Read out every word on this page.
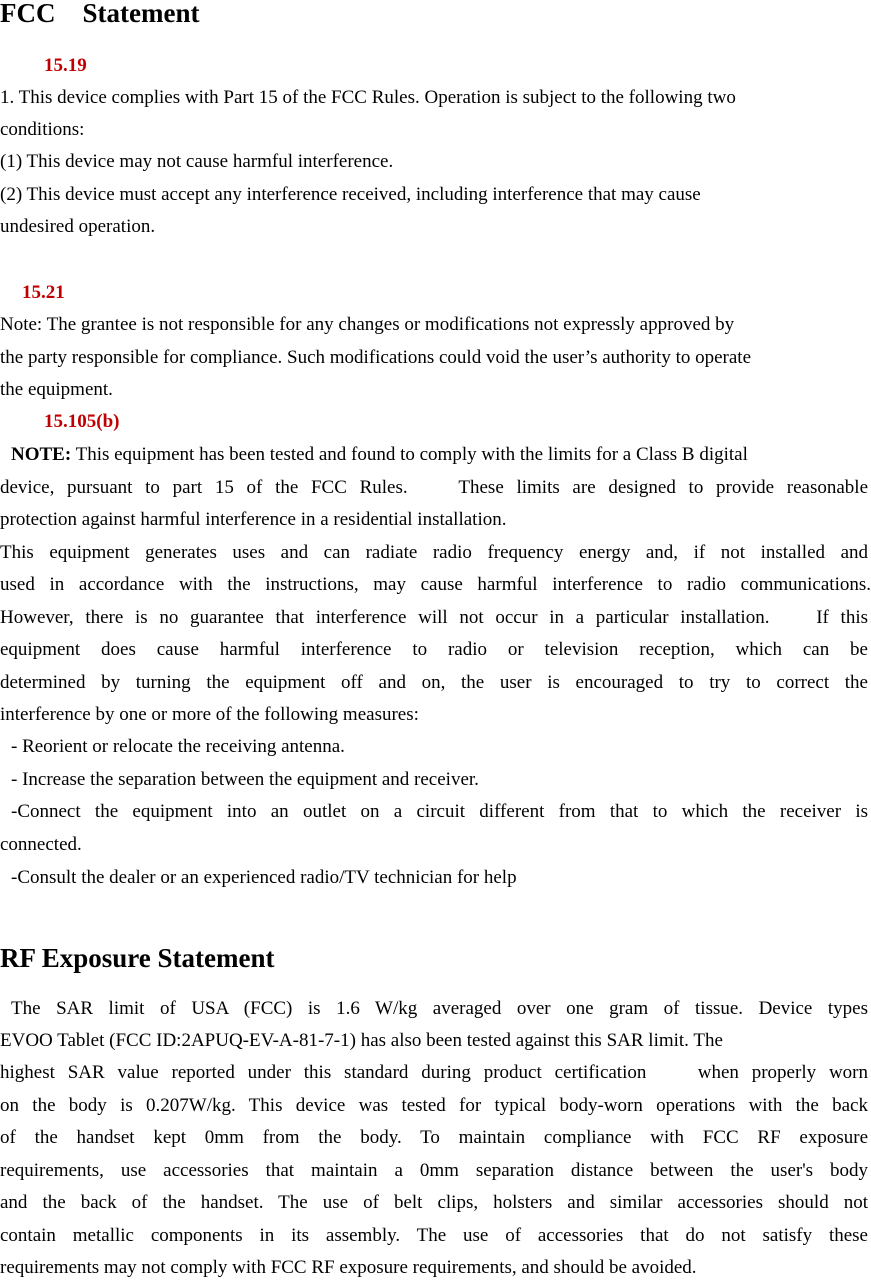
FCC    Statement
15.19
1. This device complies with Part 15 of the FCC Rules. Operation is subject to the following two
conditions:
(1) This device may not cause harmful interference.
(2) This device must accept any interference received, including interference that may cause
undesired operation.
15.21
Note: The grantee is not responsible for any changes or modifications not expressly approved by
the party responsible for compliance. Such modifications could void the user’s authority to operate
the equipment.
15.105(b)
NOTE: This equipment has been tested and found to comply with the limits for a Class B digital
device, pursuant to part 15 of the FCC Rules.    These limits are designed to provide reasonable
protection against harmful interference in a residential installation.
This equipment generates uses and can radiate radio frequency energy and, if not installed and
used in accordance with the instructions, may cause harmful interference to radio communications.
However, there is no guarantee that interference will not occur in a particular installation.    If this
equipment does cause harmful interference to radio or television reception, which can be
determined by turning the equipment off and on, the user is encouraged to try to correct the
interference by one or more of the following measures:
- Reorient or relocate the receiving antenna.
- Increase the separation between the equipment and receiver.
-Connect the equipment into an outlet on a circuit different from that to which the receiver is
connected.
-Consult the dealer or an experienced radio/TV technician for help
RF Exposure Statement
The SAR limit of USA (FCC) is 1.6 W/kg averaged over one gram of tissue. Device types
EVOO Tablet (FCC ID:2APUQ-EV-A-81-7-1) has also been tested against this SAR limit. The
highest SAR value reported under this standard during product certification    when properly worn
on the body is 0.207W/kg. This device was tested for typical body-worn operations with the back
of the handset kept 0mm from the body. To maintain compliance with FCC RF exposure
requirements, use accessories that maintain a 0mm separation distance between the user's body
and the back of the handset. The use of belt clips, holsters and similar accessories should not
contain metallic components in its assembly. The use of accessories that do not satisfy these
requirements may not comply with FCC RF exposure requirements, and should be avoided.
